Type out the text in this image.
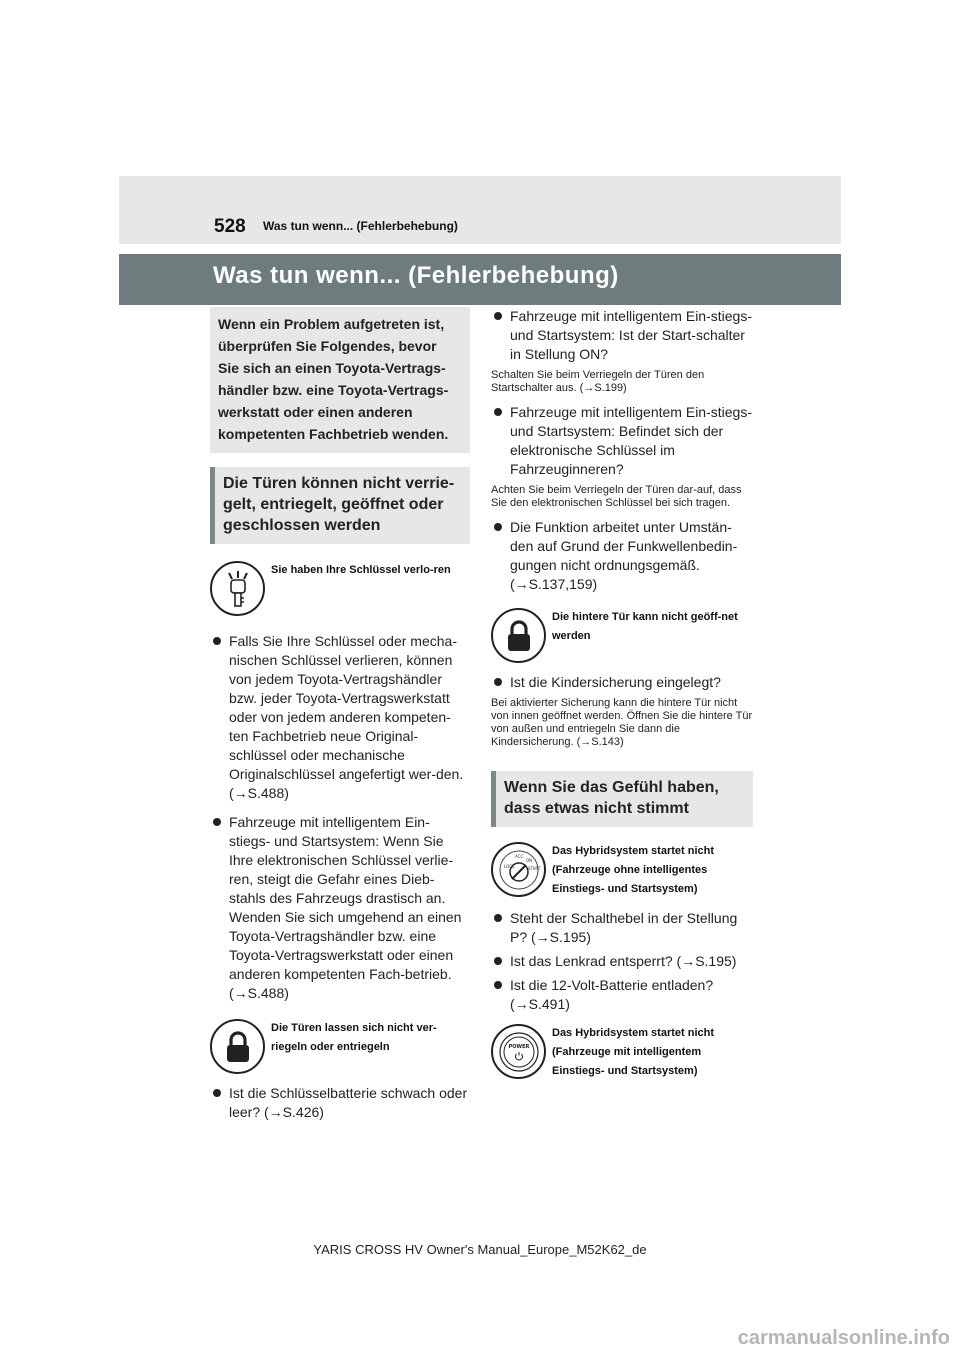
528 Was tun wenn... (Fehlerbehebung)
Was tun wenn... (Fehlerbehebung)
Wenn ein Problem aufgetreten ist, überprüfen Sie Folgendes, bevor Sie sich an einen Toyota-Vertrags-händler bzw. eine Toyota-Vertrags-werkstatt oder einen anderen kompetenten Fachbetrieb wenden.
Die Türen können nicht verrie-gelt, entriegelt, geöffnet oder geschlossen werden
Sie haben Ihre Schlüssel verlo-ren
Falls Sie Ihre Schlüssel oder mecha-nischen Schlüssel verlieren, können von jedem Toyota-Vertragshändler bzw. jeder Toyota-Vertragswerkstatt oder von jedem anderen kompeten-ten Fachbetrieb neue Original-schlüssel oder mechanische Originalschlüssel angefertigt wer-den. (→S.488)
Fahrzeuge mit intelligentem Ein-stiegs- und Startsystem: Wenn Sie Ihre elektronischen Schlüssel verlie-ren, steigt die Gefahr eines Dieb-stahls des Fahrzeugs drastisch an. Wenden Sie sich umgehend an einen Toyota-Vertragshändler bzw. eine Toyota-Vertragswerkstatt oder einen anderen kompetenten Fach-betrieb. (→S.488)
Die Türen lassen sich nicht ver-riegeln oder entriegeln
Ist die Schlüsselbatterie schwach oder leer? (→S.426)
Fahrzeuge mit intelligentem Ein-stiegs- und Startsystem: Ist der Start-schalter in Stellung ON?
Schalten Sie beim Verriegeln der Türen den Startschalter aus. (→S.199)
Fahrzeuge mit intelligentem Ein-stiegs- und Startsystem: Befindet sich der elektronische Schlüssel im Fahrzeuginneren?
Achten Sie beim Verriegeln der Türen dar-auf, dass Sie den elektronischen Schlüssel bei sich tragen.
Die Funktion arbeitet unter Umstän-den auf Grund der Funkwellenbedin-gungen nicht ordnungsgemäß. (→S.137,159)
Die hintere Tür kann nicht geöff-net werden
Ist die Kindersicherung eingelegt?
Bei aktivierter Sicherung kann die hintere Tür nicht von innen geöffnet werden. Öffnen Sie die hintere Tür von außen und entriegeln Sie dann die Kindersicherung. (→S.143)
Wenn Sie das Gefühl haben, dass etwas nicht stimmt
LOCK
ACC
ON
START
Das Hybridsystem startet nicht (Fahrzeuge ohne intelligentes Einstiegs- und Startsystem)
Steht der Schalthebel in der Stellung P? (→S.195)
Ist das Lenkrad entsperrt? (→S.195)
Ist die 12-Volt-Batterie entladen? (→S.491)
POWER
Das Hybridsystem startet nicht (Fahrzeuge mit intelligentem Einstiegs- und Startsystem)
YARIS CROSS HV Owner's Manual_Europe_M52K62_de
carmanualsonline.info
